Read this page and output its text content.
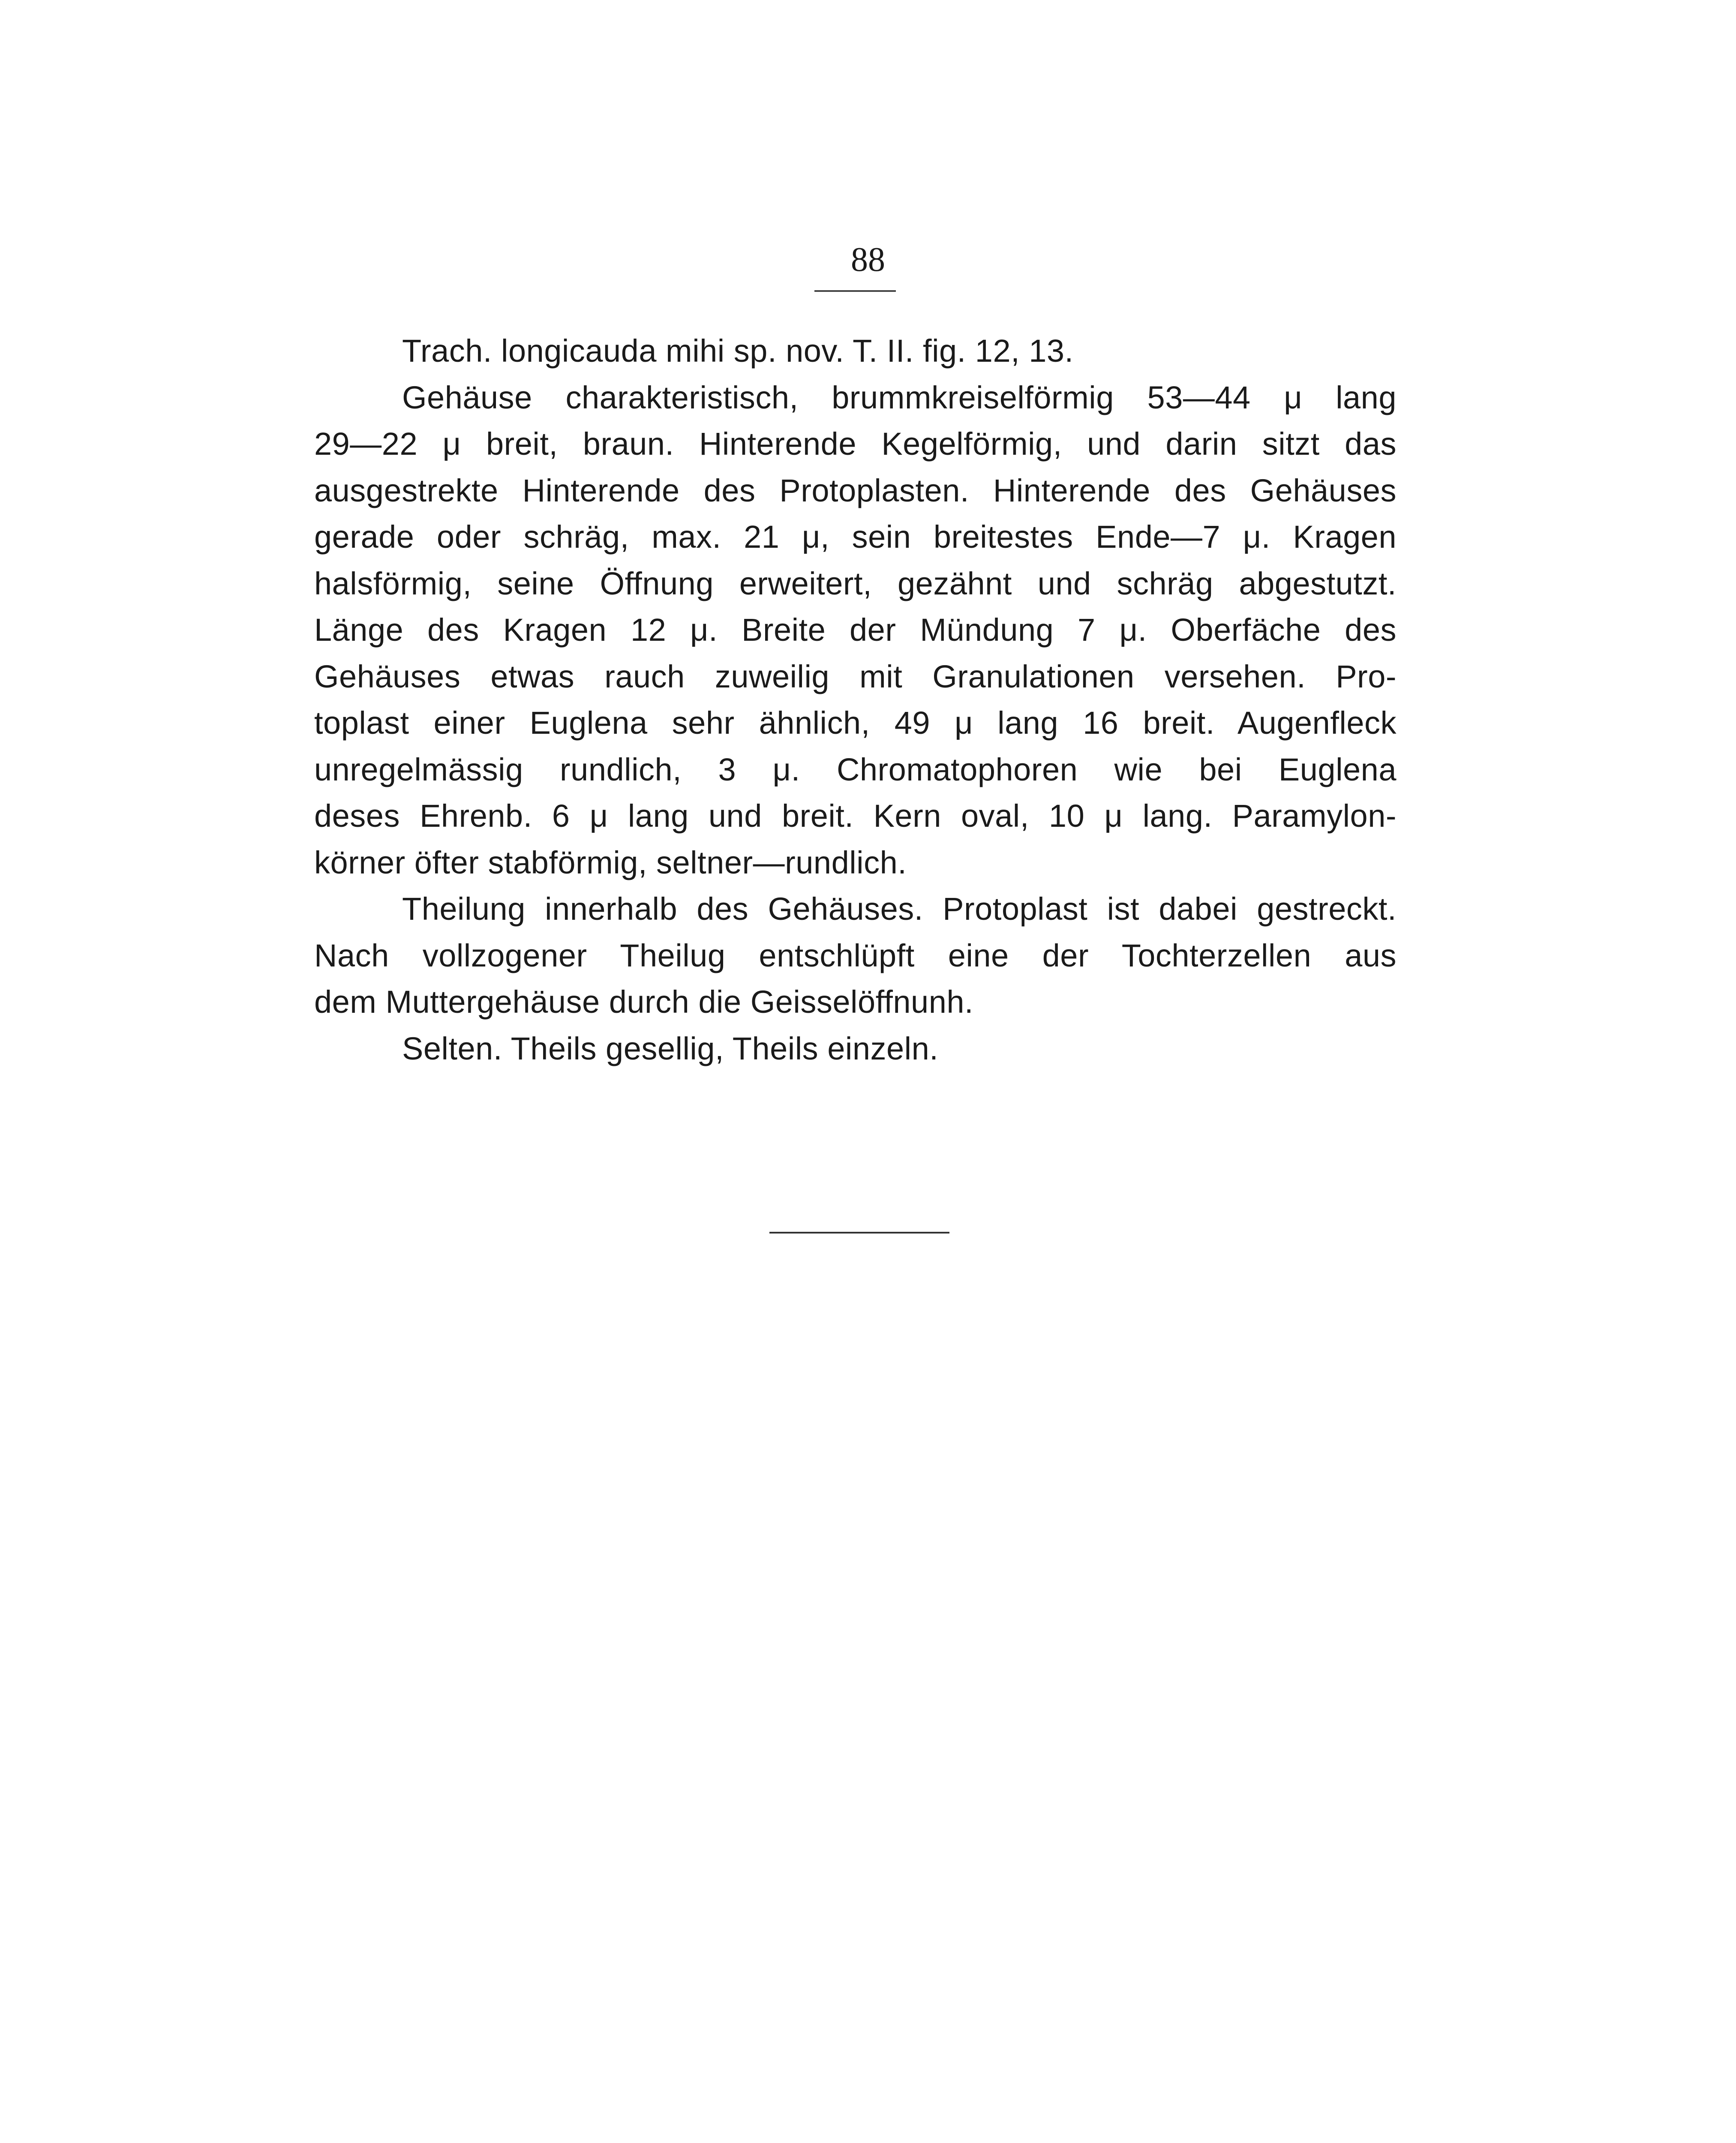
88

Trach. longicauda mihi sp. nov. T. II. fig. 12, 13.

Gehäuse charakteristisch, brummkreiselförmig 53—44 μ lang
29—22 μ breit, braun. Hinterende Kegelförmig, und darin sitzt das
ausgestrekte Hinterende des Protoplasten. Hinterende des Gehäuses
gerade oder schräg, max. 21 μ, sein breitestes Ende—7 μ. Kragen
halsförmig, seine Öffnung erweitert, gezähnt und schräg abgestutzt.
Länge des Kragen 12 μ. Breite der Mündung 7 μ. Oberfäche des
Gehäuses etwas rauch zuweilig mit Granulationen versehen. Pro-
toplast einer Euglena sehr ähnlich, 49 μ lang 16 breit. Augenfleck
unregelmässig rundlich, 3 μ. Chromatophoren wie bei Euglena
deses Ehrenb. 6 μ lang und breit. Kern oval, 10 μ lang. Paramylon-
körner öfter stabförmig, seltner—rundlich.

Theilung innerhalb des Gehäuses. Protoplast ist dabei gestreckt.
Nach vollzogener Theilug entschlüpft eine der Tochterzellen aus
dem Muttergehäuse durch die Geisselöffnunh.

Selten. Theils gesellig, Theils einzeln.
